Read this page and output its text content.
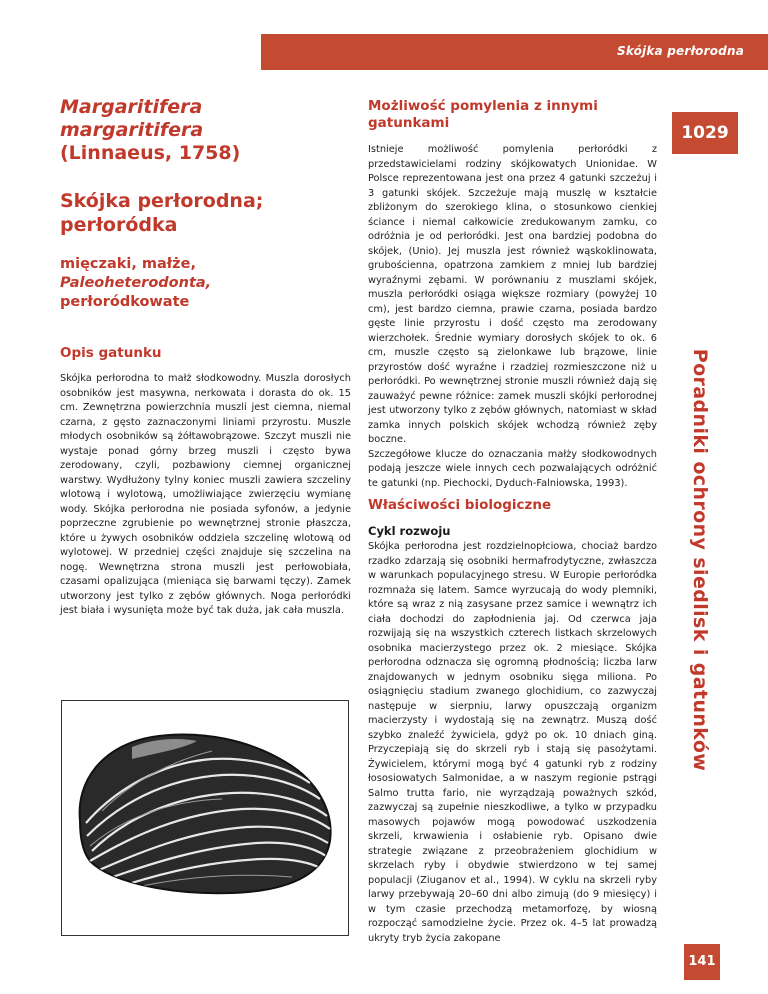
Skójka perłorodna
Margaritifera
margaritifera
(Linnaeus, 1758)
Skójka perłorodna;
perłoródka
mięczaki, małże,
Paleoheterodonta,
perłoródkowate
Opis gatunku

Skójka perłorodna to małż słodkowodny. Muszla dorosłych osobników jest masywna, nerkowata i dorasta do ok. 15 cm. Zewnętrzna powierzchnia muszli jest ciemna, niemal czarna, z gęsto zaznaczonymi liniami przyrostu. Muszle młodych osobników są żółtawobrązowe. Szczyt muszli nie wystaje ponad górny brzeg muszli i często bywa zerodowany, czyli, pozbawiony ciemnej organicznej warstwy. Wydłużony tylny koniec muszli zawiera szczeliny wlotową i wylotową, umożliwiające zwierzęciu wymianę wody. Skójka perłorodna nie posiada syfonów, a jedynie poprzeczne zgrubienie po wewnętrznej stronie płaszcza, które u żywych osobników oddziela szczelinę wlotową od wylotowej. W przedniej części znajduje się szczelina na nogę. Wewnętrzna strona muszli jest perłowobiała, czasami opalizująca (mieniąca się barwami tęczy). Zamek utworzony jest tylko z zębów głównych. Noga perłoródki jest biała i wysunięta może być tak duża, jak cała muszla.

Możliwość pomylenia z innymi gatunkami

Istnieje możliwość pomylenia perłoródki z przedstawicielami rodziny skójkowatych Unionidae. W Polsce reprezentowana jest ona przez 4 gatunki szczeżuj i 3 gatunki skójek. Szczeżuje mają muszlę w kształcie zbliżonym do szerokiego klina, o stosunkowo cienkiej ściance i niemal całkowicie zredukowanym zamku, co odróżnia je od perłoródki. Jest ona bardziej podobna do skójek, (Unio). Jej muszla jest również wąskoklinowata, grubościenna, opatrzona zamkiem z mniej lub bardziej wyraźnymi zębami. W porównaniu z muszlami skójek, muszla perłoródki osiąga większe rozmiary (powyżej 10 cm), jest bardzo ciemna, prawie czarna, posiada bardzo gęste linie przyrostu i dość często ma zerodowany wierzchołek. Średnie wymiary dorosłych skójek to ok. 6 cm, muszle często są zielonkawe lub brązowe, linie przyrostów dość wyraźne i rzadziej rozmieszczone niż u perłoródki. Po wewnętrznej stronie muszli również dają się zauważyć pewne różnice: zamek muszli skójki perłorodnej jest utworzony tylko z zębów głównych, natomiast w skład zamka innych polskich skójek wchodzą również zęby boczne.

Szczegółowe klucze do oznaczania małży słodkowodnych podają jeszcze wiele innych cech pozwalających odróżnić te gatunki (np. Piechocki, Dyduch-Falniowska, 1993).

Właściwości biologiczne
Cykl rozwoju

Skójka perłorodna jest rozdzielnopłciowa, chociaż bardzo rzadko zdarzają się osobniki hermafrodytyczne, zwłaszcza w warunkach populacyjnego stresu. W Europie perłoródka rozmnaża się latem. Samce wyrzucają do wody plemniki, które są wraz z nią zasysane przez samice i wewnątrz ich ciała dochodzi do zapłodnienia jaj. Od czerwca jaja rozwijają się na wszystkich czterech listkach skrzelowych osobnika macierzystego przez ok. 2 miesiące. Skójka perłorodna odznacza się ogromną płodnością; liczba larw znajdowanych w jednym osobniku sięga miliona. Po osiągnięciu stadium zwanego glochidium, co zazwyczaj następuje w sierpniu, larwy opuszczają organizm macierzysty i wydostają się na zewnątrz. Muszą dość szybko znaleźć żywiciela, gdyż po ok. 10 dniach giną. Przyczepiają się do skrzeli ryb i stają się pasożytami. Żywicielem, którymi mogą być 4 gatunki ryb z rodziny łososiowatych Salmonidae, a w naszym regionie pstrągi Salmo trutta fario, nie wyrządzają poważnych szkód, zazwyczaj są zupełnie nieszkodliwe, a tylko w przypadku masowych pojawów mogą powodować uszkodzenia skrzeli, krwawienia i osłabienie ryb. Opisano dwie strategie związane z przeobrażeniem glochidium w skrzelach ryby i obydwie stwierdzono w tej samej populacji (Ziuganov et al., 1994). W cyklu na skrzeli ryby larwy przebywają 20–60 dni albo zimują (do 9 miesięcy) i w tym czasie przechodzą metamorfozę, by wiosną rozpocząć samodzielne życie. Przez ok. 4–5 lat prowadzą ukryty tryb życia zakopane

1029
Poradniki ochrony siedlisk i gatunków
141
